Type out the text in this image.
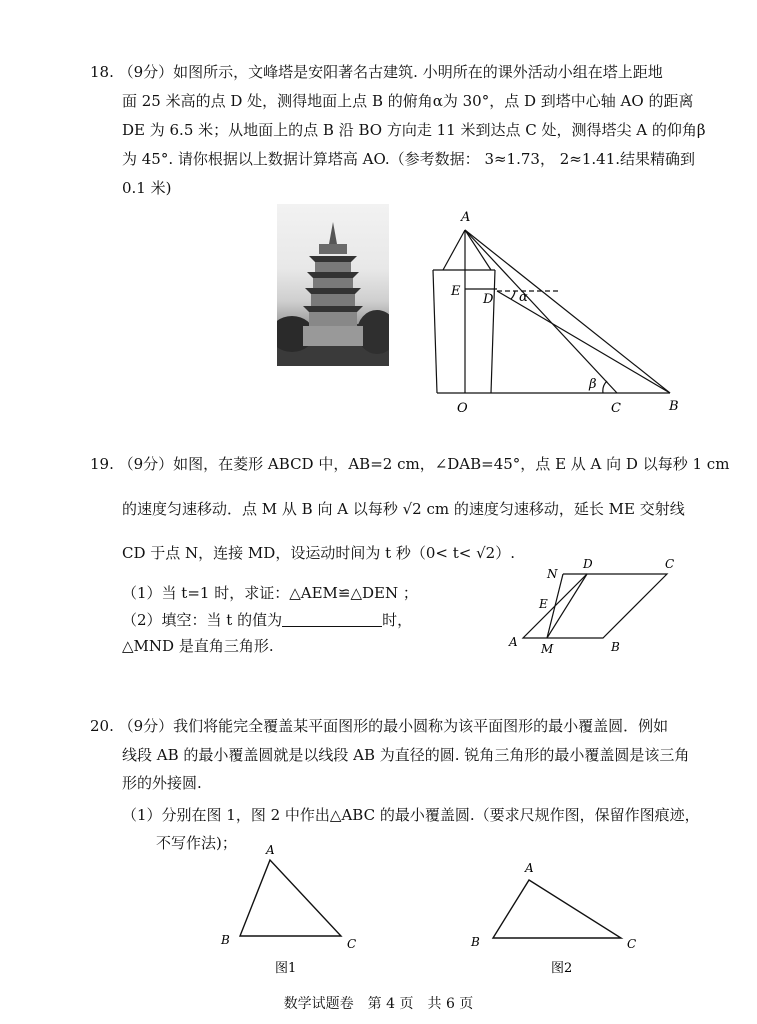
18. （9分）如图所示，文峰塔是安阳著名古建筑. 小明所在的课外活动小组在塔上距地
面 25 米高的点 D 处，测得地面上点 B 的俯角α为 30°，点 D 到塔中心轴 AO 的距离
DE 为 6.5 米；从地面上的点 B 沿 BO 方向走 11 米到达点 C 处，测得塔尖 A 的仰角β
为 45°. 请你根据以上数据计算塔高 AO.（参考数据： 3≈1.73， 2≈1.41.结果精确到
0.1 米)
A
E
D α
β
O	C	B
19. （9分）如图，在菱形 ABCD 中，AB=2 cm，∠DAB=45°，点 E 从 A 向 D 以每秒 1 cm
的速度匀速移动．点 M 从 B 向 A 以每秒 √2 cm 的速度匀速移动，延长 ME 交射线
CD 于点 N，连接 MD，设运动时间为 t 秒（0< t< √2）.
（1）当 t=1 时，求证：△AEM≌△DEN ；
（2）填空：当 t 的值为	时，
△MND 是直角三角形.
N
D	C
E
A M	B
20. （9分）我们将能完全覆盖某平面图形的最小圆称为该平面图形的最小覆盖圆．例如
线段 AB 的最小覆盖圆就是以线段 AB 为直径的圆. 锐角三角形的最小覆盖圆是该三角
形的外接圆.
（1）分别在图 1，图 2 中作出△ABC 的最小覆盖圆.（要求尺规作图，保留作图痕迹，
不写作法)； A
B	C
图1
A
B	C
图2
数学试题卷　第 4 页　共 6 页
